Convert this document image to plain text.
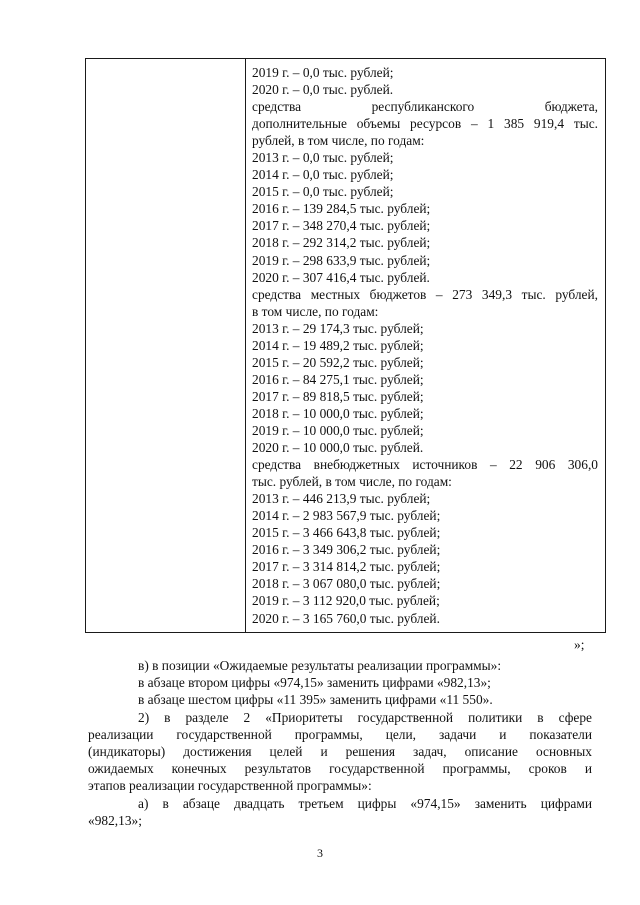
2019 г. – 0,0 тыс. рублей;
2020 г. – 0,0 тыс. рублей.
средства республиканского бюджета,
дополнительные объемы ресурсов – 1 385 919,4 тыс.
рублей, в том числе, по годам:
2013 г. – 0,0 тыс. рублей;
2014 г. – 0,0 тыс. рублей;
2015 г. – 0,0 тыс. рублей;
2016 г. – 139 284,5 тыс. рублей;
2017 г. – 348 270,4 тыс. рублей;
2018 г. – 292 314,2 тыс. рублей;
2019 г. – 298 633,9 тыс. рублей;
2020 г. – 307 416,4 тыс. рублей.
средства местных бюджетов – 273 349,3 тыс. рублей,
в том числе, по годам:
2013 г. – 29 174,3 тыс. рублей;
2014 г. – 19 489,2 тыс. рублей;
2015 г. – 20 592,2 тыс. рублей;
2016 г. – 84 275,1 тыс. рублей;
2017 г. – 89 818,5 тыс. рублей;
2018 г. – 10 000,0 тыс. рублей;
2019 г. – 10 000,0 тыс. рублей;
2020 г. – 10 000,0 тыс. рублей.
средства внебюджетных источников – 22 906 306,0
тыс. рублей, в том числе, по годам:
2013 г. – 446 213,9 тыс. рублей;
2014 г. – 2 983 567,9 тыс. рублей;
2015 г. – 3 466 643,8 тыс. рублей;
2016 г. – 3 349 306,2 тыс. рублей;
2017 г. – 3 314 814,2 тыс. рублей;
2018 г. – 3 067 080,0 тыс. рублей;
2019 г. – 3 112 920,0 тыс. рублей;
2020 г. – 3 165 760,0 тыс. рублей.
»;
в) в позиции «Ожидаемые результаты реализации программы»:
в абзаце втором цифры «974,15» заменить цифрами «982,13»;
в абзаце шестом цифры «11 395» заменить цифрами «11 550».
2) в разделе 2 «Приоритеты государственной политики в сфере
реализации государственной программы, цели, задачи и показатели
(индикаторы) достижения целей и решения задач, описание основных
ожидаемых конечных результатов государственной программы, сроков и
этапов реализации государственной программы»:
а) в абзаце двадцать третьем цифры «974,15» заменить цифрами
«982,13»;
3
